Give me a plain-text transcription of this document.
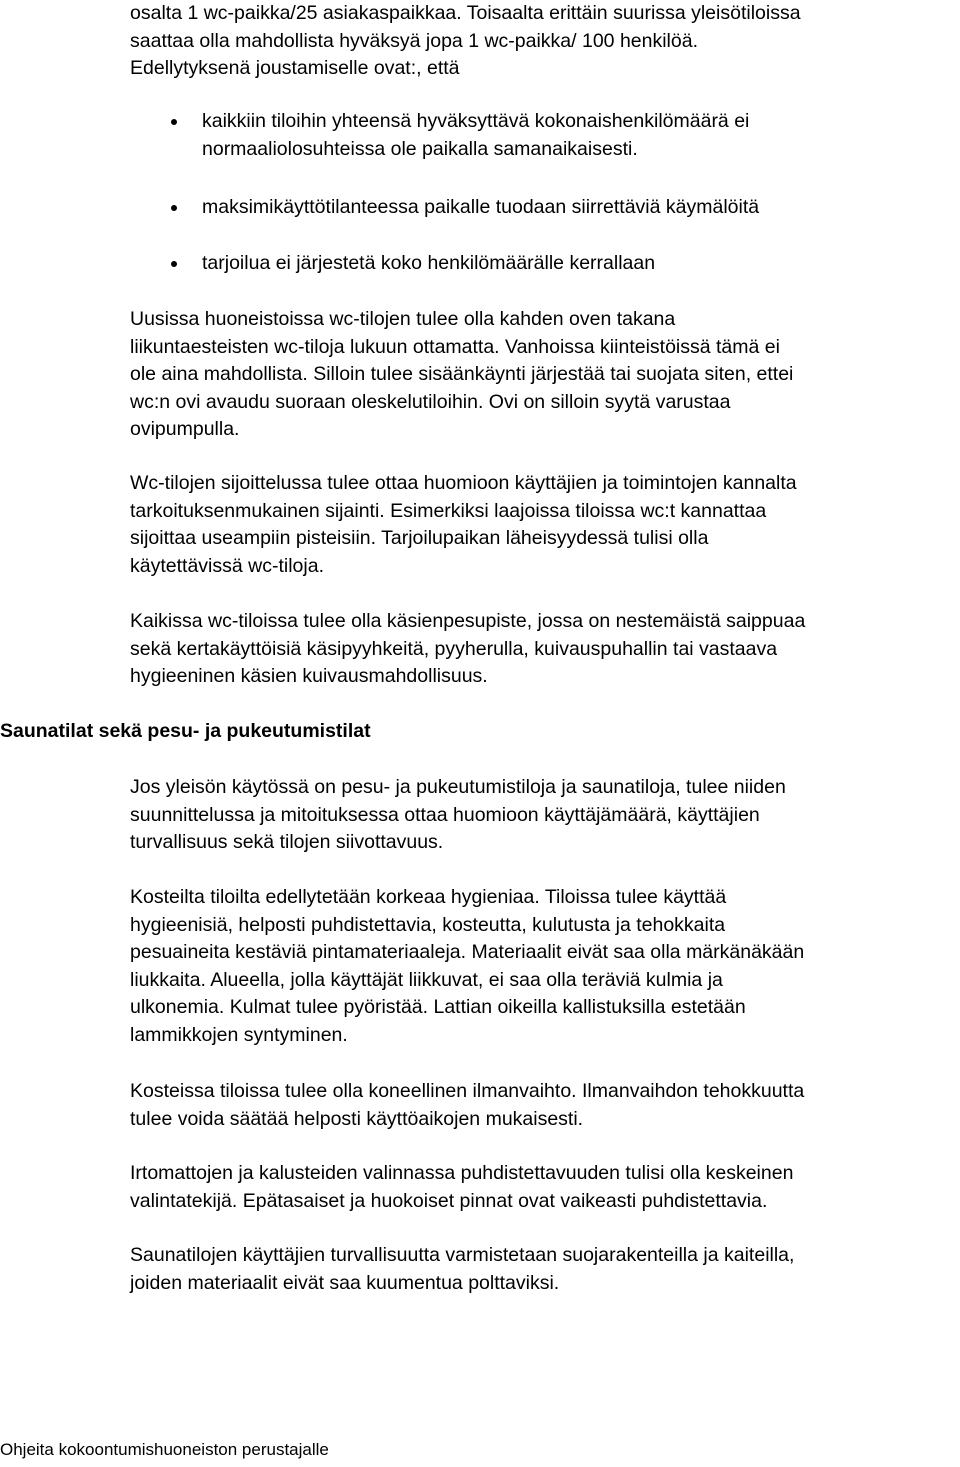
osalta 1 wc-paikka/25 asiakaspaikkaa. Toisaalta erittäin suurissa yleisötiloissa
saattaa olla mahdollista hyväksyä jopa 1 wc-paikka/ 100 henkilöä.
Edellytyksenä joustamiselle ovat:, että
kaikkiin tiloihin yhteensä hyväksyttävä kokonaishenkilömäärä ei
normaaliolosuhteissa ole paikalla samanaikaisesti.
maksimikäyttötilanteessa paikalle tuodaan siirrettäviä käymälöitä
tarjoilua ei järjestetä koko henkilömäärälle kerrallaan
Uusissa huoneistoissa wc-tilojen tulee olla kahden oven takana
liikuntaesteisten wc-tiloja lukuun ottamatta. Vanhoissa kiinteistöissä tämä ei
ole aina mahdollista. Silloin tulee sisäänkäynti järjestää tai suojata siten, ettei
wc:n ovi avaudu suoraan oleskelutiloihin. Ovi on silloin syytä varustaa
ovipumpulla.
Wc-tilojen sijoittelussa tulee ottaa huomioon käyttäjien ja toimintojen kannalta
tarkoituksenmukainen sijainti. Esimerkiksi laajoissa tiloissa wc:t kannattaa
sijoittaa useampiin pisteisiin. Tarjoilupaikan läheisyydessä tulisi olla
käytettävissä wc-tiloja.
Kaikissa wc-tiloissa tulee olla käsienpesupiste, jossa on nestemäistä saippuaa
sekä kertakäyttöisiä käsipyyhkeitä, pyyherulla, kuivauspuhallin tai vastaava
hygieeninen käsien kuivausmahdollisuus.
Saunatilat sekä pesu- ja pukeutumistilat
Jos yleisön käytössä on pesu- ja pukeutumistiloja ja saunatiloja, tulee niiden
suunnittelussa ja mitoituksessa ottaa huomioon käyttäjämäärä, käyttäjien
turvallisuus sekä tilojen siivottavuus.
Kosteilta tiloilta edellytetään korkeaa hygieniaa. Tiloissa tulee käyttää
hygieenisiä, helposti puhdistettavia, kosteutta, kulutusta ja tehokkaita
pesuaineita kestäviä pintamateriaaleja. Materiaalit eivät saa olla märkänäkään
liukkaita. Alueella, jolla käyttäjät liikkuvat, ei saa olla teräviä kulmia ja
ulkonemia. Kulmat tulee pyöristää. Lattian oikeilla kallistuksilla estetään
lammikkojen syntyminen.
Kosteissa tiloissa tulee olla koneellinen ilmanvaihto. Ilmanvaihdon tehokkuutta
tulee voida säätää helposti käyttöaikojen mukaisesti.
Irtomattojen ja kalusteiden valinnassa puhdistettavuuden tulisi olla keskeinen
valintatekijä. Epätasaiset ja huokoiset pinnat ovat vaikeasti puhdistettavia.
Saunatilojen käyttäjien turvallisuutta varmistetaan suojarakenteilla ja kaiteilla,
joiden materiaalit eivät saa kuumentua polttaviksi.
Ohjeita kokoontumishuoneiston perustajalle
